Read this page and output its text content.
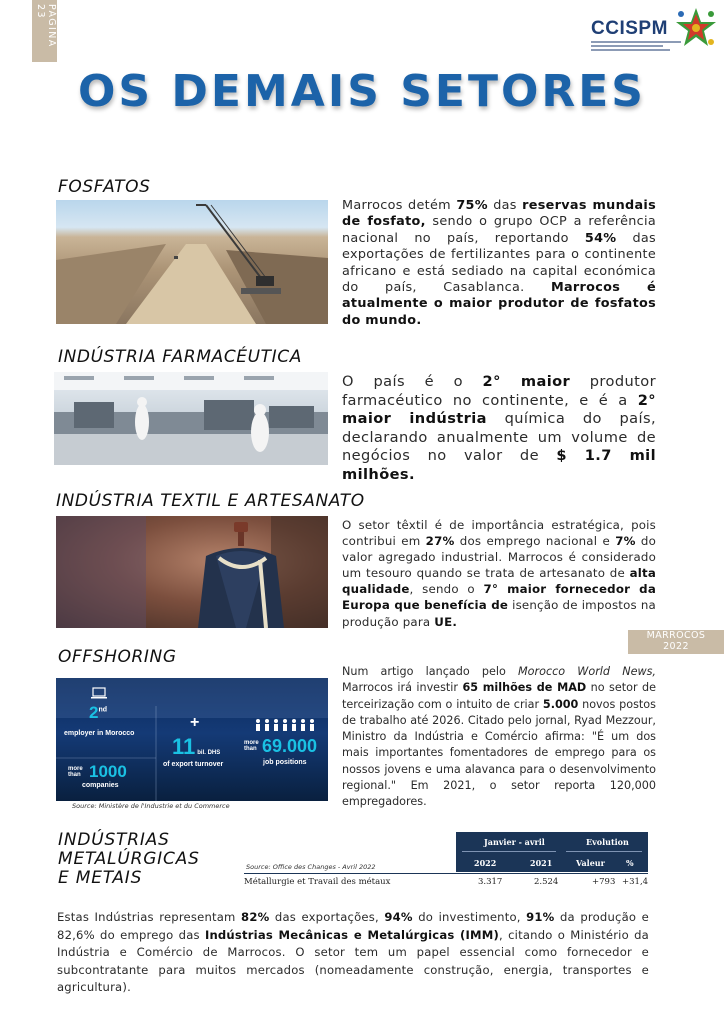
PÁGINA 23
CCISPM
OS DEMAIS SETORES
FOSFATOS

Marrocos detém 75% das reservas mundais de fosfato, sendo o grupo OCP a referência nacional no país, reportando 54% das exportações de fertilizantes para o continente africano e está sediado na capital económica do país, Casablanca. Marrocos é atualmente o maior produtor de fosfatos do mundo.

INDÚSTRIA FARMACÉUTICA

O país é o 2° maior produtor farmacéutico no continente, e é a 2° maior indústria química do país, declarando anualmente um volume de negócios no valor de $ 1.7 mil milhões.

INDÚSTRIA TEXTIL E ARTESANATO

O setor têxtil é de importância estratégica, pois contribui em 27% dos emprego nacional e 7% do valor agregado industrial. Marrocos é considerado um tesouro quando se trata de artesanato de alta qualidade, sendo o 7° maior fornecedor da Europa que benefícia de isenção de impostos na produção para UE.

MARROCOS
2022
OFFSHORING
2nd
employer in Morocco
+
11 bil. DHS
of export turnover
more than 69.000
job positions
more than 1000
companies
Source: Ministère de l'Industrie et du Commerce

Num artigo lançado pelo Morocco World News, Marrocos irá investir 65 milhões de MAD no setor de terceirização com o intuito de criar 5.000 novos postos de trabalho até 2026. Citado pelo jornal, Ryad Mezzour, Ministro da Indústria e Comércio afirma: "É um dos mais importantes fomentadores de emprego para os nossos jovens e uma alavanca para o desenvolvimento regional." Em 2021, o setor reporta 120,000 empregadores.

INDÚSTRIAS
METALÚRGICAS
E METAIS
Janvier - avril	Evolution
2022	2021	Valeur	%
Source: Office des Changes - Avril 2022
Métallurgie et Travail des métaux	3.317	2.524	+793 +31,4

Estas Indústrias representam 82% das exportações, 94% do investimento, 91% da produção e 82,6% do emprego das Indústrias Mecânicas e Metalúrgicas (IMM), citando o Ministério da Indústria e Comércio de Marrocos. O setor tem um papel essencial como fornecedor e subcontratante para muitos mercados (nomeadamente construção, energia, transportes e agricultura).
